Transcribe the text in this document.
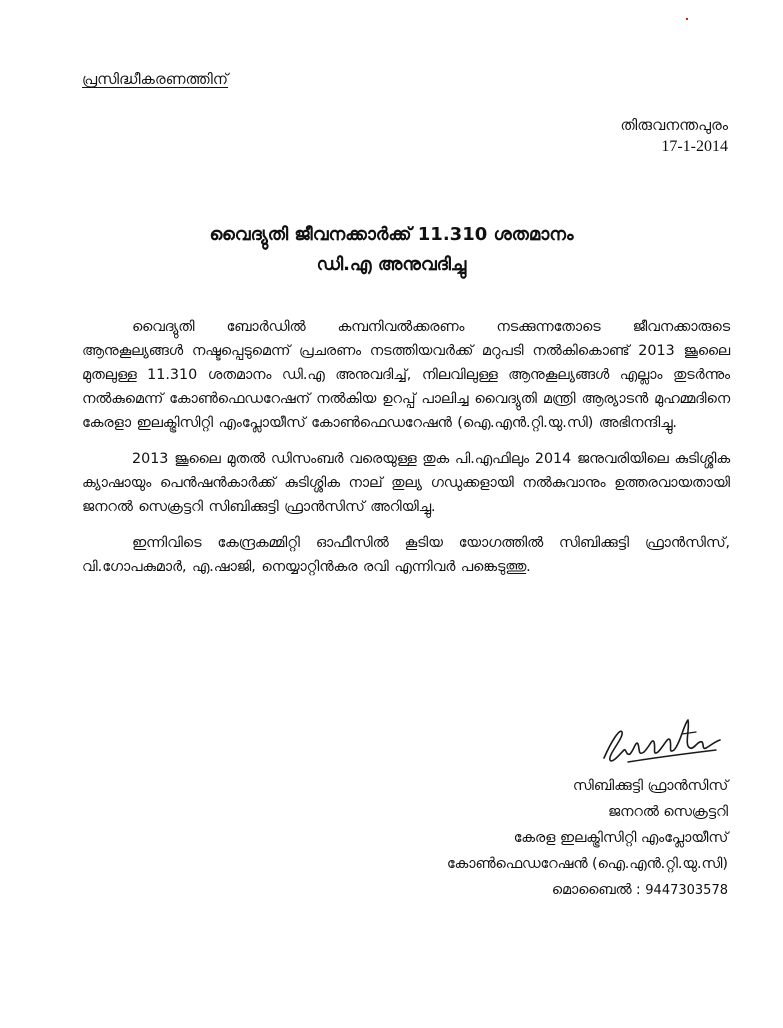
പ്രസിദ്ധീകരണത്തിന്
തിരുവനന്തപുരം
17-1-2014
വൈദ്യുതി ജീവനക്കാർക്ക് 11.310 ശതമാനം
ഡി.എ അനുവദിച്ചു

വൈദ്യുതി ബോർഡിൽ കമ്പനിവൽക്കരണം നടക്കുന്നതോടെ ജീവനക്കാരുടെ ആനുകൂല്യങ്ങൾ നഷ്ടപ്പെടുമെന്ന് പ്രചരണം നടത്തിയവർക്ക് മറുപടി നൽകികൊണ്ട് 2013 ജൂലൈ മുതലുള്ള 11.310 ശതമാനം ഡി.എ അനുവദിച്ച്, നിലവിലുള്ള ആനുകൂല്യങ്ങൾ എല്ലാം തുടർന്നും നൽകുമെന്ന് കോൺഫെഡറേഷന് നൽകിയ ഉറപ്പ് പാലിച്ച വൈദ്യുതി മന്ത്രി ആര്യാടൻ മുഹമ്മദിനെ കേരളാ ഇലക്ട്രിസിറ്റി എംപ്ലോയീസ് കോൺഫെഡറേഷൻ (ഐ.എൻ.റ്റി.യു.സി) അഭിനന്ദിച്ചു.

2013 ജൂലൈ മുതൽ ഡിസംബർ വരെയുള്ള തുക പി.എഫിലും 2014 ജനുവരിയിലെ കുടിശ്ശിക ക്യാഷായും പെൻഷൻകാർക്ക് കുടിശ്ശിക നാല് തുല്യ ഗഡുക്കളായി നൽകുവാനും ഉത്തരവായതായി ജനറൽ സെക്രട്ടറി സിബിക്കുട്ടി ഫ്രാൻസിസ് അറിയിച്ചു.

ഇന്നിവിടെ കേന്ദ്രകമ്മിറ്റി ഓഫീസിൽ കൂടിയ യോഗത്തിൽ സിബിക്കുട്ടി ഫ്രാൻസിസ്, വി.ഗോപകുമാർ, എ.ഷാജി, നെയ്യാറ്റിൻകര രവി എന്നിവർ പങ്കെടുത്തു.

സിബിക്കുട്ടി ഫ്രാൻസിസ്
ജനറൽ സെക്രട്ടറി
കേരള ഇലക്ട്രിസിറ്റി എംപ്ലോയീസ്
കോൺഫെഡറേഷൻ (ഐ.എൻ.റ്റി.യു.സി)
മൊബൈൽ : 9447303578
